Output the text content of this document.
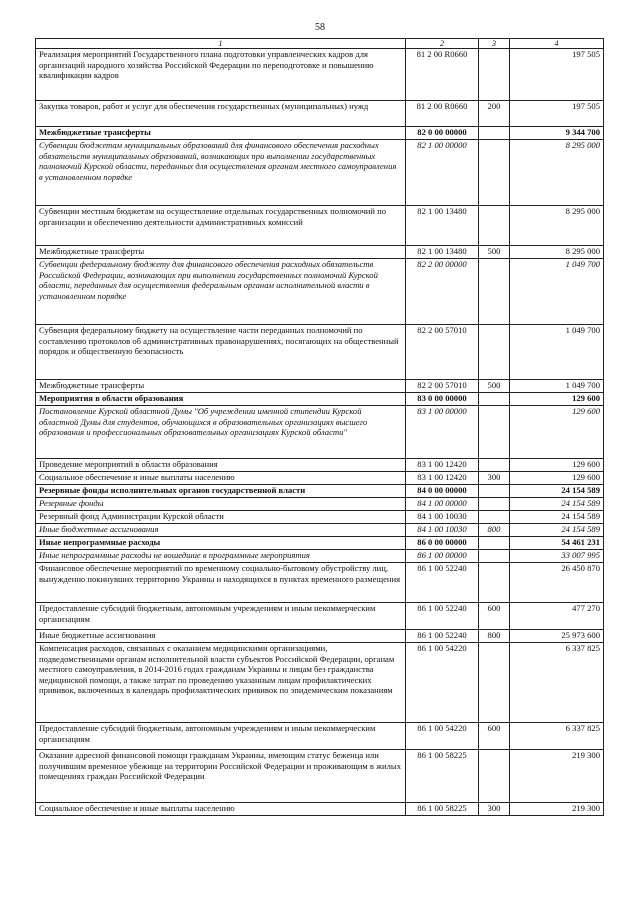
58
1	2	3	4
Реализация мероприятий Государственного плана подготовки управленческих кадров для организаций народного хозяйства Российской Федерации по переподготовке и повышению квалификации кадров	81 2 00 R0660		197 505
Закупка товаров, работ и услуг для обеспечения государственных (муниципальных) нужд	81 2 00 R0660	200	197 505
Межбюджетные трансферты	82 0 00 00000		9 344 700
Субвенции бюджетам муниципальных образований для финансового обеспечения расходных обязательств муниципальных образований, возникающих при выполнении государственных полномочий Курской области, переданных для осуществления органам местного самоуправления в установленном порядке	82 1 00 00000		8 295 000
Субвенции местным бюджетам на осуществление отдельных государственных полномочий по организации и обеспечению деятельности административных комиссий	82 1 00 13480		8 295 000
Межбюджетные трансферты	82 1 00 13480	500	8 295 000
Субвенции федеральному бюджету для финансового обеспечения расходных обязательств Российской Федерации, возникающих при выполнении государственных полномочий Курской области, переданных для осуществления федеральным органам исполнительной власти в установленном порядке	82 2 00 00000		1 049 700
Субвенция федеральному бюджету на осуществление части переданных полномочий по составлению протоколов об административных правонарушениях, посягающих на общественный порядок и общественную безопасность	82 2 00 57010		1 049 700
Межбюджетные трансферты	82 2 00 57010	500	1 049 700
Мероприятия в области образования	83 0 00 00000		129 600
Постановление Курской областной Думы "Об учреждении именной стипендии Курской областной Думы для студентов, обучающихся в образовательных организациях высшего образования и профессиональных образовательных организациях Курской области"	83 1 00 00000		129 600
Проведение мероприятий в области образования	83 1 00 12420		129 600
Социальное обеспечение и иные выплаты населению	83 1 00 12420	300	129 600
Резервные фонды исполнительных органов государственной власти	84 0 00 00000		24 154 589
Резервные фонды	84 1 00 00000		24 154 589
Резервный фонд Администрации Курской области	84 1 00 10030		24 154 589
Иные бюджетные ассигнования	84 1 00 10030	800	24 154 589
Иные непрограммные расходы	86 0 00 00000		54 461 231
Иные непрограммные расходы не вошедшие в программные мероприятия	86 1 00 00000		33 007 995
Финансовое обеспечение мероприятий по временному социально-бытовому обустройству лиц, вынужденно покинувших территорию Украины и находящихся в пунктах временного размещения	86 1 00 52240		26 450 870
Предоставление субсидий бюджетным, автономным учреждениям и иным некоммерческим организациям	86 1 00 52240	600	477 270
Иные бюджетные ассигнования	86 1 00 52240	800	25 973 600
Компенсация расходов, связанных с оказанием медицинскими организациями, подведомственными органам исполнительной власти субъектов Российской Федерации, органам местного самоуправления, в 2014-2016 годах гражданам Украины и лицам без гражданства медицинской помощи, а также затрат по проведению указанным лицам профилактических прививок, включенных в календарь профилактических прививок по эпидемическим показаниям	86 1 00 54220		6 337 825
Предоставление субсидий бюджетным, автономным учреждениям и иным некоммерческим организациям	86 1 00 54220	600	6 337 825
Оказание адресной финансовой помощи гражданам Украины, имеющим статус беженца или получившим временное убежище на территории Российской Федерации и проживающим в жилых помещениях граждан Российской Федерации	86 1 00 58225		219 300
Социальное обеспечение и иные выплаты населению	86 1 00 58225	300	219 300
